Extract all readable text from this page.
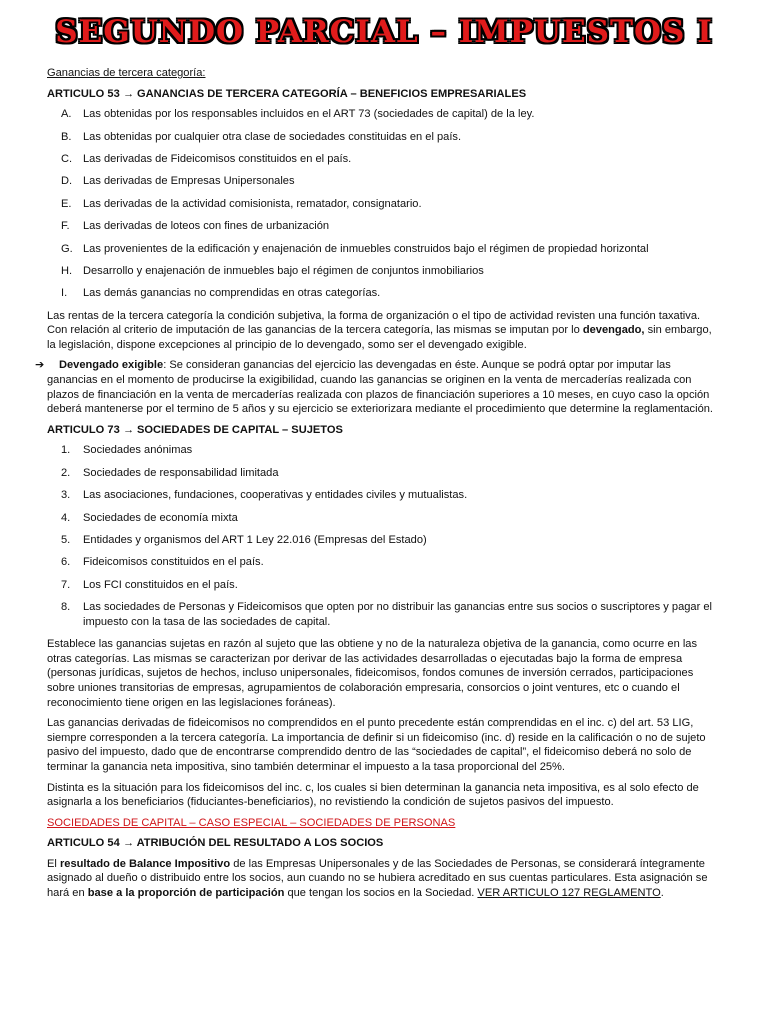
SEGUNDO PARCIAL – IMPUESTOS I

Ganancias de tercera categoría:

ARTICULO 53 → GANANCIAS DE TERCERA CATEGORÍA – BENEFICIOS EMPRESARIALES

A.	Las obtenidas por los responsables incluidos en el ART 73 (sociedades de capital) de la ley.
B.	Las obtenidas por cualquier otra clase de sociedades constituidas en el país.
C. Las derivadas de Fideicomisos constituidos en el país.
D. Las derivadas de Empresas Unipersonales
E.	Las derivadas de la actividad comisionista, rematador, consignatario.
F.	Las derivadas de loteos con fines de urbanización
G. Las provenientes de la edificación y enajenación de inmuebles construidos bajo el régimen de propiedad horizontal
H. Desarrollo y enajenación de inmuebles bajo el régimen de conjuntos inmobiliarios
I.	Las demás ganancias no comprendidas en otras categorías.

Las rentas de la tercera categoría la condición subjetiva, la forma de organización o el tipo de actividad revisten una función taxativa. Con relación al criterio de imputación de las ganancias de la tercera categoría, las mismas se imputan por lo devengado, sin embargo, la legislación, dispone excepciones al principio de lo devengado, somo ser el devengado exigible.

➔ Devengado exigible: Se consideran ganancias del ejercicio las devengadas en éste. Aunque se podrá optar por imputar las ganancias en el momento de producirse la exigibilidad, cuando las ganancias se originen en la venta de mercaderías realizada con plazos de financiación en la venta de mercaderías realizada con plazos de financiación superiores a 10 meses, en cuyo caso la opción deberá mantenerse por el termino de 5 años y su ejercicio se exteriorizara mediante el procedimiento que determine la reglamentación.

ARTICULO 73 → SOCIEDADES DE CAPITAL – SUJETOS

1.	Sociedades anónimas
2.	Sociedades de responsabilidad limitada
3.	Las asociaciones, fundaciones, cooperativas y entidades civiles y mutualistas.
4.	Sociedades de economía mixta
5.	Entidades y organismos del ART 1 Ley 22.016 (Empresas del Estado)
6.	Fideicomisos constituidos en el país.
7.	Los FCI constituidos en el país.
8.	Las sociedades de Personas y Fideicomisos que opten por no distribuir las ganancias entre sus socios o suscriptores y pagar el impuesto con la tasa de las sociedades de capital.

Establece las ganancias sujetas en razón al sujeto que las obtiene y no de la naturaleza objetiva de la ganancia, como ocurre en las otras categorías. Las mismas se caracterizan por derivar de las actividades desarrolladas o ejecutadas bajo la forma de empresa (personas jurídicas, sujetos de hechos, incluso unipersonales, fideicomisos, fondos comunes de inversión cerrados, participaciones sobre uniones transitorias de empresas, agrupamientos de colaboración empresaria, consorcios o joint ventures, etc o cuando el reconocimiento tiene origen en las legislaciones foráneas).

Las ganancias derivadas de fideicomisos no comprendidos en el punto precedente están comprendidas en el inc. c) del art. 53 LIG, siempre corresponden a la tercera categoría. La importancia de definir si un fideicomiso (inc. d) reside en la calificación o no de sujeto pasivo del impuesto, dado que de encontrarse comprendido dentro de las “sociedades de capital”, el fideicomiso deberá no solo de terminar la ganancia neta impositiva, sino también determinar el impuesto a la tasa proporcional del 25%.

Distinta es la situación para los fideicomisos del inc. c, los cuales si bien determinan la ganancia neta impositiva, es al solo efecto de asignarla a los beneficiarios (fiduciantes-beneficiarios), no revistiendo la condición de sujetos pasivos del impuesto.

SOCIEDADES DE CAPITAL – CASO ESPECIAL – SOCIEDADES DE PERSONAS

ARTICULO 54 → ATRIBUCIÓN DEL RESULTADO A LOS SOCIOS

El resultado de Balance Impositivo de las Empresas Unipersonales y de las Sociedades de Personas, se considerará íntegramente asignado al dueño o distribuido entre los socios, aun cuando no se hubiera acreditado en sus cuentas particulares. Esta asignación se hará en base a la proporción de participación que tengan los socios en la Sociedad. VER ARTICULO 127 REGLAMENTO.
